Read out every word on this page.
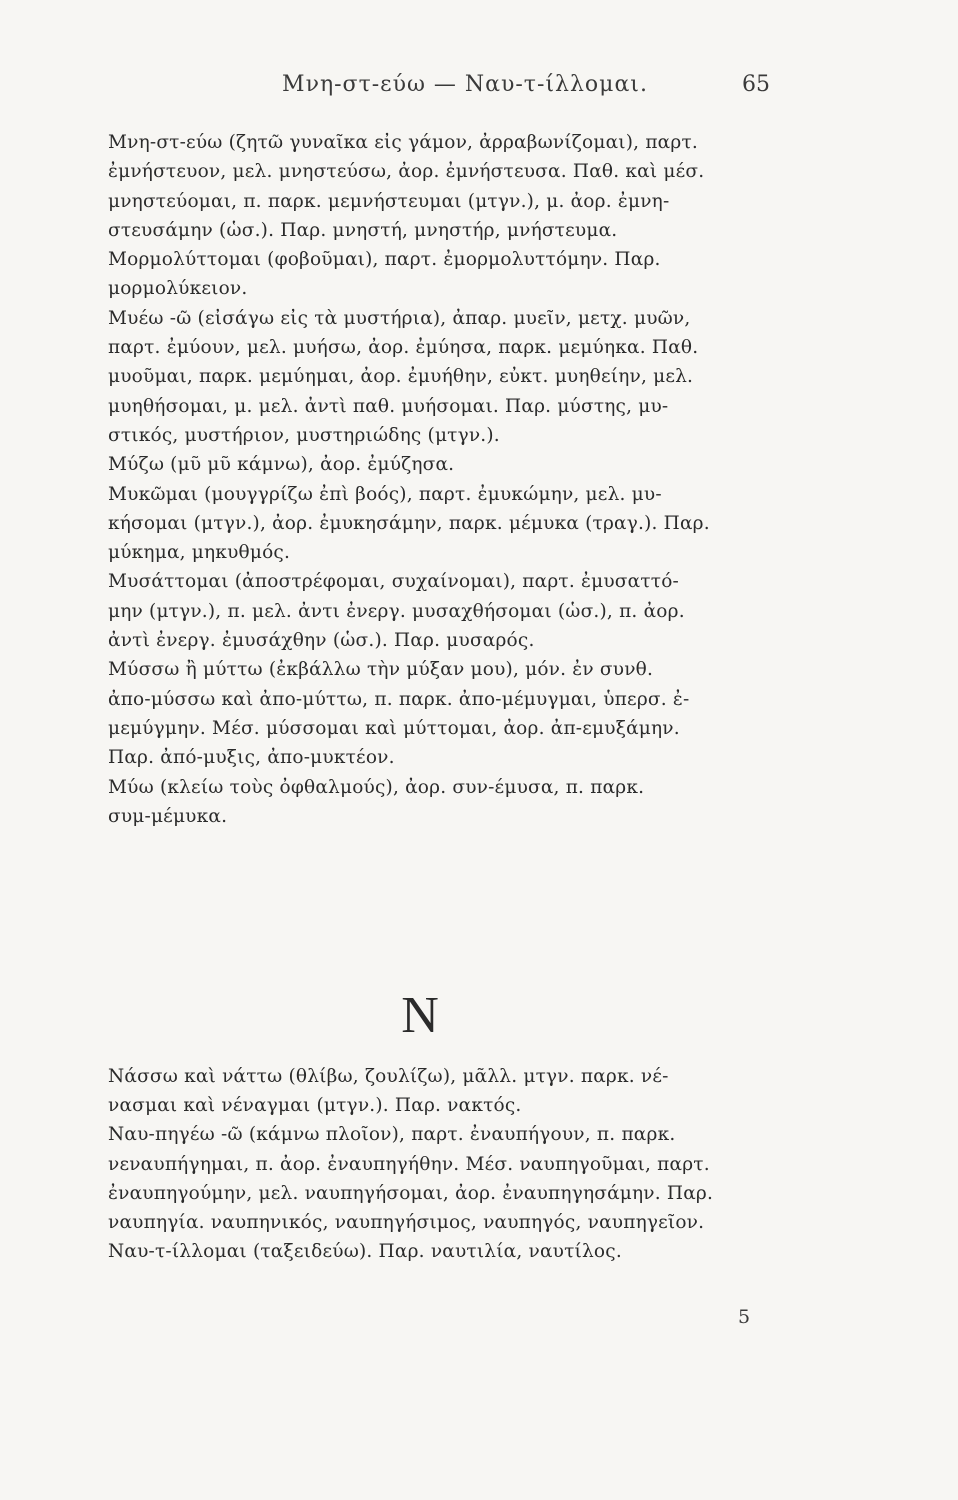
Μνη-στ-εύω — Ναυ-τ-ίλλομαι.	65
Μνη-στ-εύω (ζητῶ γυναῖκα εἰς γάμον, ἀρραβωνίζομαι), παρτ.
ἐμνήστευον, μελ. μνηστεύσω, ἀορ. ἐμνήστευσα. Παθ. καὶ μέσ.
μνηστεύομαι, π. παρκ. μεμνήστευμαι (μτγν.), μ. ἀορ. ἐμνη-
στευσάμην (ὡσ.). Παρ. μνηστή, μνηστήρ, μνήστευμα.
Μορμολύττομαι (φοβοῦμαι), παρτ. ἐμορμολυττόμην. Παρ.
μορμολύκειον.
Μυέω -ῶ (εἰσάγω εἰς τὰ μυστήρια), ἀπαρ. μυεῖν, μετχ. μυῶν,
παρτ. ἐμύουν, μελ. μυήσω, ἀορ. ἐμύησα, παρκ. μεμύηκα. Παθ.
μυοῦμαι, παρκ. μεμύημαι, ἀορ. ἐμυήθην, εὐκτ. μυηθείην, μελ.
μυηθήσομαι, μ. μελ. ἀντὶ παθ. μυήσομαι. Παρ. μύστης, μυ-
στικός, μυστήριον, μυστηριώδης (μτγν.).
Μύζω (μῦ μῦ κάμνω), ἀορ. ἐμύζησα.
Μυκῶμαι (μουγγρίζω ἐπὶ βοός), παρτ. ἐμυκώμην, μελ. μυ-
κήσομαι (μτγν.), ἀορ. ἐμυκησάμην, παρκ. μέμυκα (τραγ.). Παρ.
μύκημα, μηκυθμός.
Μυσάττομαι (ἀποστρέφομαι, συχαίνομαι), παρτ. ἐμυσαττό-
μην (μτγν.), π. μελ. ἀντι ἐνεργ. μυσαχθήσομαι (ὡσ.), π. ἀορ.
ἀντὶ ἐνεργ. ἐμυσάχθην (ὡσ.). Παρ. μυσαρός.
Μύσσω ἢ μύττω (ἐκβάλλω τὴν μύξαν μου), μόν. ἐν συνθ.
ἀπο-μύσσω καὶ ἀπο-μύττω, π. παρκ. ἀπο-μέμυγμαι, ὑπερσ. ἐ-
μεμύγμην. Μέσ. μύσσομαι καὶ μύττομαι, ἀορ. ἀπ-εμυξάμην.
Παρ. ἀπό-μυξις, ἀπο-μυκτέον.
Μύω (κλείω τοὺς ὀφθαλμούς), ἀορ. συν-έμυσα, π. παρκ.
συμ-μέμυκα.
N
Νάσσω καὶ νάττω (θλίβω, ζουλίζω), μᾶλλ. μτγν. παρκ. νέ-
νασμαι καὶ νέναγμαι (μτγν.). Παρ. νακτός.
Ναυ-πηγέω -ῶ (κάμνω πλοῖον), παρτ. ἐναυπήγουν, π. παρκ.
νεναυπήγημαι, π. ἀορ. ἐναυπηγήθην. Μέσ. ναυπηγοῦμαι, παρτ.
ἐναυπηγούμην, μελ. ναυπηγήσομαι, ἀορ. ἐναυπηγησάμην. Παρ.
ναυπηγία. ναυπηνικός, ναυπηγήσιμος, ναυπηγός, ναυπηγεῖον.
Ναυ-τ-ίλλομαι (ταξειδεύω). Παρ. ναυτιλία, ναυτίλος.
5
